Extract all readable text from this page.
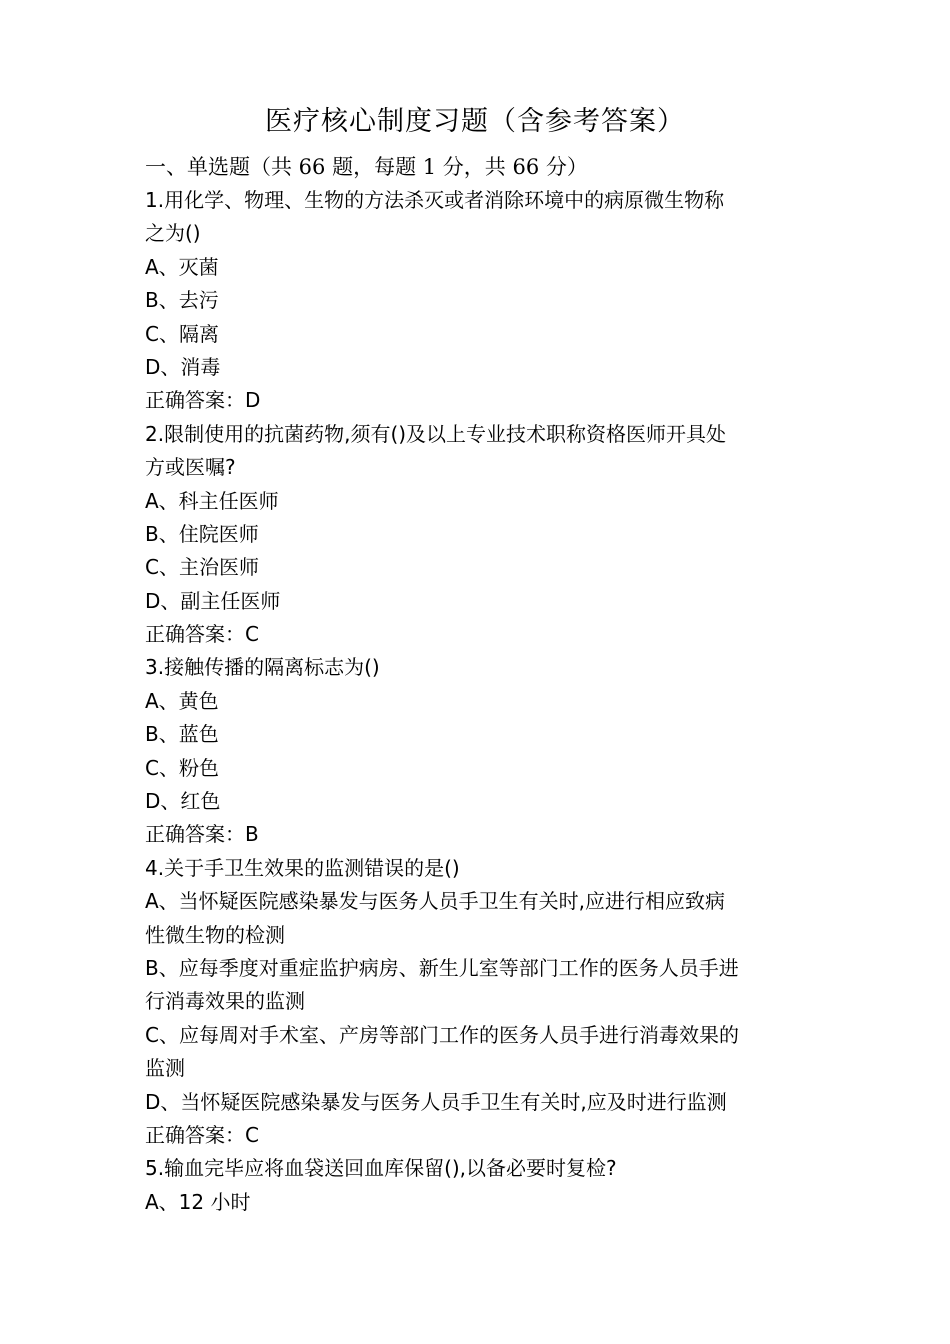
医疗核心制度习题（含参考答案）
一、单选题（共 66 题，每题 1 分，共 66 分）
1.用化学、物理、生物的方法杀灭或者消除环境中的病原微生物称
之为()
A、灭菌
B、去污
C、隔离
D、消毒
正确答案：D
2.限制使用的抗菌药物,须有()及以上专业技术职称资格医师开具处
方或医嘱?
A、科主任医师
B、住院医师
C、主治医师
D、副主任医师
正确答案：C
3.接触传播的隔离标志为()
A、黄色
B、蓝色
C、粉色
D、红色
正确答案：B
4.关于手卫生效果的监测错误的是()
A、当怀疑医院感染暴发与医务人员手卫生有关时,应进行相应致病
性微生物的检测
B、应每季度对重症监护病房、新生儿室等部门工作的医务人员手进
行消毒效果的监测
C、应每周对手术室、产房等部门工作的医务人员手进行消毒效果的
监测
D、当怀疑医院感染暴发与医务人员手卫生有关时,应及时进行监测
正确答案：C
5.输血完毕应将血袋送回血库保留(),以备必要时复检?
A、12 小时
